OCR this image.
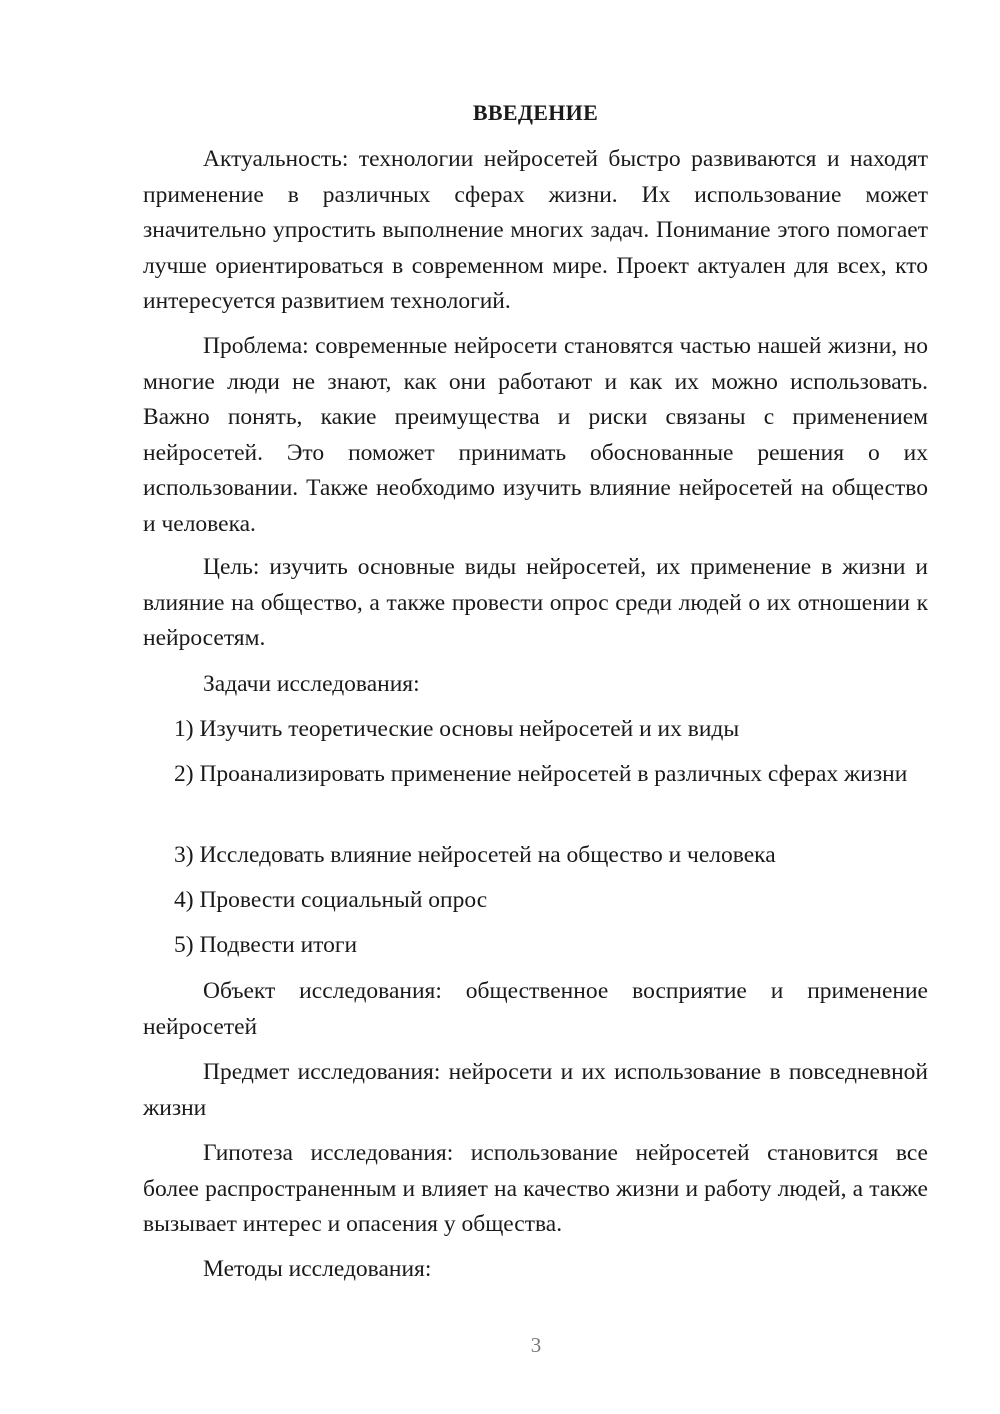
ВВЕДЕНИЕ

Актуальность: технологии нейросетей быстро развиваются и находят применение в различных сферах жизни. Их использование может значительно упростить выполнение многих задач. Понимание этого помогает лучше ориентироваться в современном мире. Проект актуален для всех, кто интересуется развитием технологий.

Проблема: современные нейросети становятся частью нашей жизни, но многие люди не знают, как они работают и как их можно использовать. Важно понять, какие преимущества и риски связаны с применением нейросетей. Это поможет принимать обоснованные решения о их использовании. Также необходимо изучить влияние нейросетей на общество и человека.

Цель: изучить основные виды нейросетей, их применение в жизни и влияние на общество, а также провести опрос среди людей о их отношении к нейросетям.

Задачи исследования:

1) Изучить теоретические основы нейросетей и их виды

2) Проанализировать применение нейросетей в различных сферах жизни

3) Исследовать влияние нейросетей на общество и человека

4) Провести социальный опрос

5) Подвести итоги

Объект исследования: общественное восприятие и применение нейросетей

Предмет исследования: нейросети и их использование в повседневной жизни

Гипотеза исследования: использование нейросетей становится все более распространенным и влияет на качество жизни и работу людей, а также вызывает интерес и опасения у общества.

Методы исследования:

3
